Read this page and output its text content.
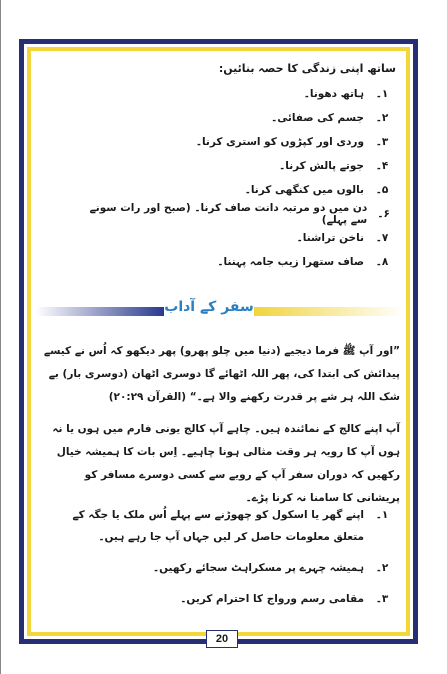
ساتھ اپنی زندگی کا حصہ بنائیں:
۱۔
ہاتھ دھونا۔
۲۔
جسم کی صفائی۔
۳۔
وردی اور کپڑوں کو استری کرنا۔
۴۔
جوتے پالش کرنا۔
۵۔
بالوں میں کنگھی کرنا۔
۶۔
دن میں دو مرتبہ دانت صاف کرنا۔ (صبح اور رات سونے سے پہلے)
۷۔
ناخن تراشنا۔
۸۔
صاف ستھرا زیب جامہ پہننا۔
سفر کے آداب
”اور آپ ﷺ فرما دیجیے (دنیا میں چلو پھرو) پھر دیکھو کہ اُس نے کیسے پیدائش کی ابتدا کی، پھر اللہ اٹھائے گا دوسری اٹھان (دوسری بار) بے شک اللہ ہر شے پر قدرت رکھنے والا ہے۔“ (القرآن ۲۰:۲۹)
آپ اپنے کالج کے نمائندہ ہیں۔ چاہے آپ کالج یونی فارم میں ہوں یا نہ ہوں آپ کا رویہ ہر وقت مثالی ہونا چاہیے۔ اِس بات کا ہمیشہ خیال رکھیں کہ دوران سفر آپ کے رویے سے کسی دوسرے مسافر کو پریشانی کا سامنا نہ کرنا پڑے۔
۱۔
اپنے گھر یا اسکول کو چھوڑنے سے پہلے اُس ملک یا جگہ کے متعلق معلومات حاصل کر لیں جہاں آپ جا رہے ہیں۔
۲۔
ہمیشہ چہرے پر مسکراہٹ سجائے رکھیں۔
۳۔
مقامی رسم ورواج کا احترام کریں۔
20
